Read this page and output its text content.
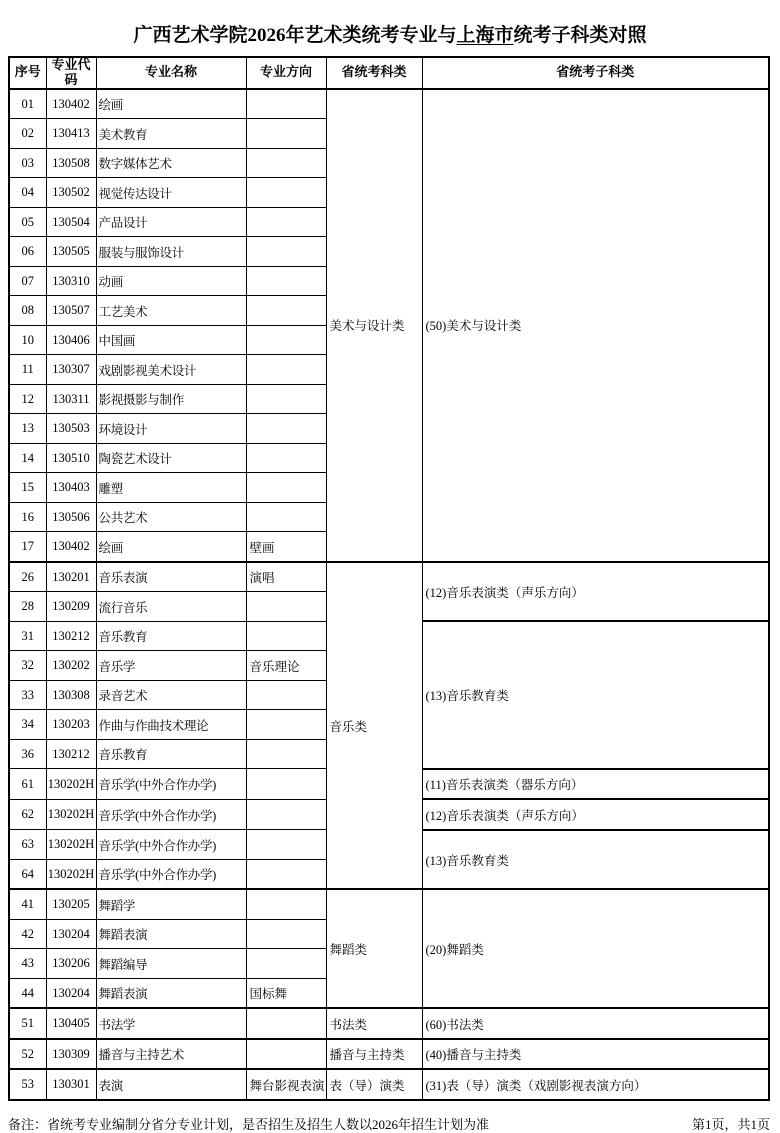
广西艺术学院2026年艺术类统考专业与上海市统考子科类对照
序号	专业代码	专业名称	专业方向	省统考科类	省统考子科类
01	130402	绘画		美术与设计类	(50)美术与设计类
02	130413	美术教育			
03	130508	数字媒体艺术			
04	130502	视觉传达设计			
05	130504	产品设计			
06	130505	服装与服饰设计			
07	130310	动画			
08	130507	工艺美术			
10	130406	中国画			
11	130307	戏剧影视美术设计			
12	130311	影视摄影与制作			
13	130503	环境设计			
14	130510	陶瓷艺术设计			
15	130403	雕塑			
16	130506	公共艺术			
17	130402	绘画	壁画		
26	130201	音乐表演	演唱	音乐类	(12)音乐表演类（声乐方向）
28	130209	流行音乐			
31	130212	音乐教育			(13)音乐教育类
32	130202	音乐学	音乐理论		
33	130308	录音艺术			
34	130203	作曲与作曲技术理论			
36	130212	音乐教育			
61	130202H	音乐学(中外合作办学)			(11)音乐表演类（器乐方向）
62	130202H	音乐学(中外合作办学)			(12)音乐表演类（声乐方向）
63	130202H	音乐学(中外合作办学)			(13)音乐教育类
64	130202H	音乐学(中外合作办学)			
41	130205	舞蹈学		舞蹈类	(20)舞蹈类
42	130204	舞蹈表演			
43	130206	舞蹈编导			
44	130204	舞蹈表演	国标舞		
51	130405	书法学		书法类	(60)书法类
52	130309	播音与主持艺术		播音与主持类	(40)播音与主持类
53	130301	表演	舞台影视表演	表（导）演类	(31)表（导）演类（戏剧影视表演方向）
备注：省统考专业编制分省分专业计划，是否招生及招生人数以2026年招生计划为准	第1页，共1页
